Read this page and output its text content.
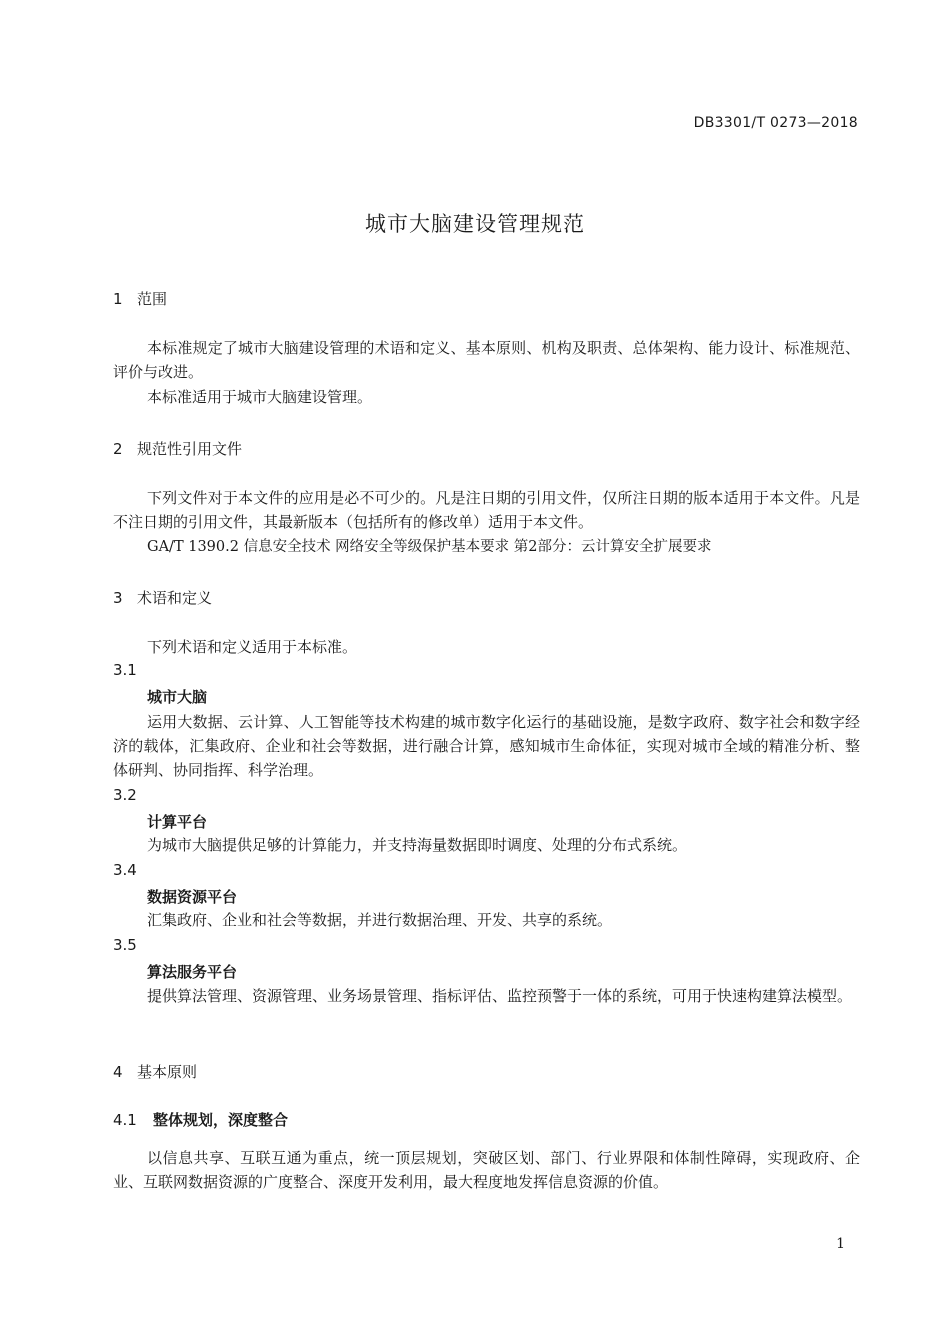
DB3301/T 0273—2018
城市大脑建设管理规范
1 范围
本标准规定了城市大脑建设管理的术语和定义、基本原则、机构及职责、总体架构、能力设计、标准规范、评价与改进。
本标准适用于城市大脑建设管理。
2 规范性引用文件
下列文件对于本文件的应用是必不可少的。凡是注日期的引用文件，仅所注日期的版本适用于本文件。凡是不注日期的引用文件，其最新版本（包括所有的修改单）适用于本文件。
GA/T 1390.2 信息安全技术 网络安全等级保护基本要求 第2部分：云计算安全扩展要求
3 术语和定义
下列术语和定义适用于本标准。
3.1
城市大脑
运用大数据、云计算、人工智能等技术构建的城市数字化运行的基础设施，是数字政府、数字社会和数字经济的载体，汇集政府、企业和社会等数据，进行融合计算，感知城市生命体征，实现对城市全域的精准分析、整体研判、协同指挥、科学治理。
3.2
计算平台
为城市大脑提供足够的计算能力，并支持海量数据即时调度、处理的分布式系统。
3.4
数据资源平台
汇集政府、企业和社会等数据，并进行数据治理、开发、共享的系统。
3.5
算法服务平台
提供算法管理、资源管理、业务场景管理、指标评估、监控预警于一体的系统，可用于快速构建算法模型。
4 基本原则
4.1 整体规划，深度整合
以信息共享、互联互通为重点，统一顶层规划，突破区划、部门、行业界限和体制性障碍，实现政府、企业、互联网数据资源的广度整合、深度开发利用，最大程度地发挥信息资源的价值。
1
